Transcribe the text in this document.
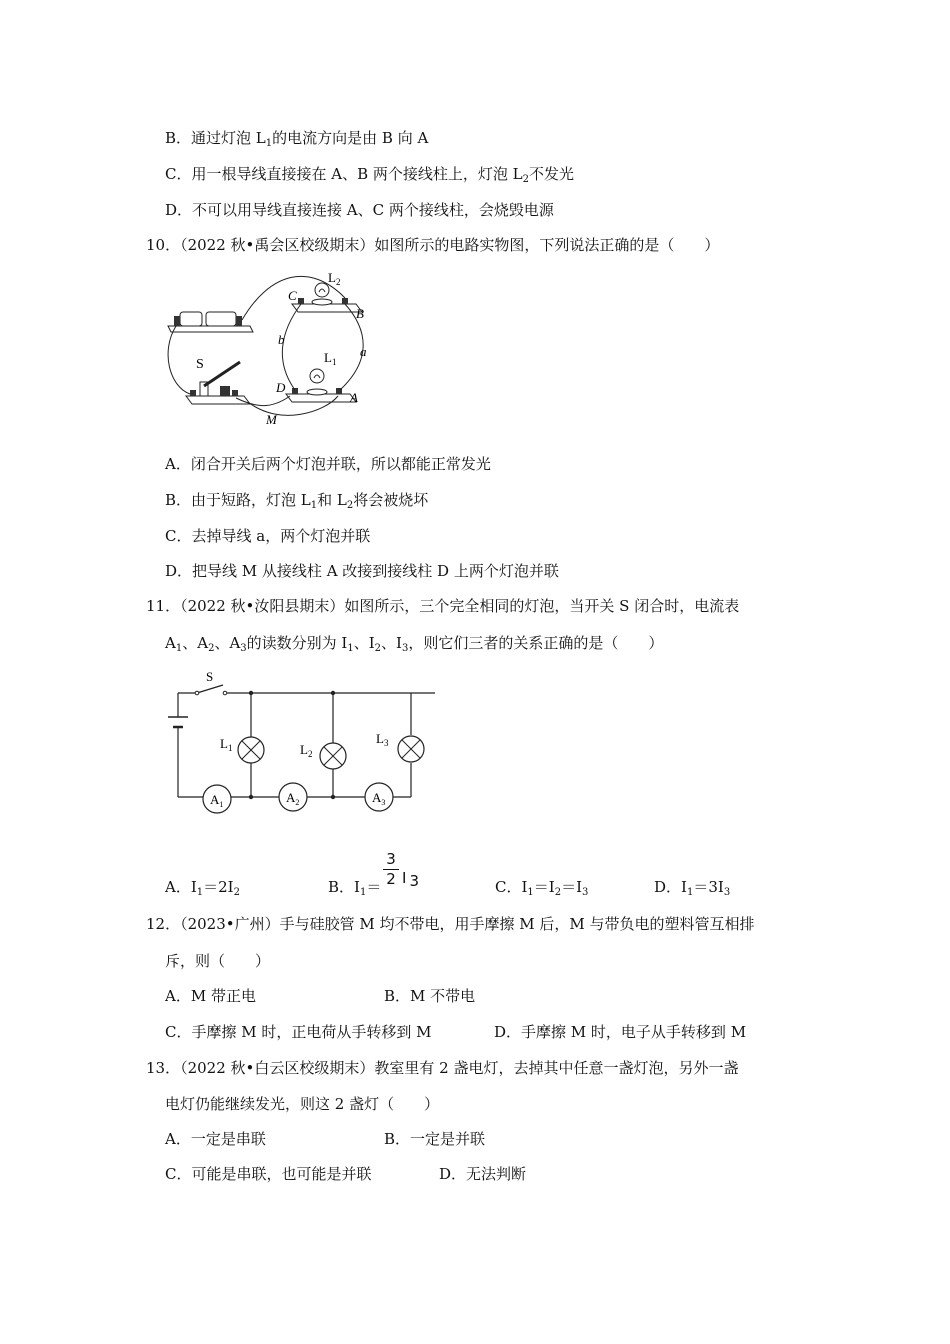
B．通过灯泡 $L_1$的电流方向是由 B 向 A
C．用一根导线直接接在 A、B 两个接线柱上，灯泡 $L_2$不发光
D．不可以用导线直接连接 A、C 两个接线柱，会烧毁电源
10．（2022 秋•禹会区校级期末）如图所示的电路实物图，下列说法正确的是（　　）
S
C
B
D
A
a
b
M
$L_2$
$L_1$
A．闭合开关后两个灯泡并联，所以都能正常发光
B．由于短路，灯泡 $L_1$和 $L_2$将会被烧坏
C．去掉导线 a，两个灯泡并联
D．把导线 M 从接线柱 A 改接到接线柱 D 上两个灯泡并联
11．（2022 秋•汝阳县期末）如图所示，三个完全相同的灯泡，当开关 S 闭合时，电流表
$A_1$、$A_2$、$A_3$的读数分别为 $I_1$、$I_2$、$I_3$，则它们三者的关系正确的是（　　）
$A_1$	$A_2$	$A_3$
S
$L_1$	$L_2$
$L_3$
A．$I_1=2I_2$	B．$I_1=$
3
2 I 3	C．$I_1=I_2=I_3$	D．$I_1=3I_3$
12．（2023•广州）手与硅胶管 M 均不带电，用手摩擦 M 后，M 与带负电的塑料管互相排
斥，则（　　）
A．M 带正电	B．M 不带电
C．手摩擦 M 时，正电荷从手转移到 M	D．手摩擦 M 时，电子从手转移到 M
13．（2022 秋•白云区校级期末）教室里有 2 盏电灯，去掉其中任意一盏灯泡，另外一盏
电灯仍能继续发光，则这 2 盏灯（　　）
A．一定是串联	B．一定是并联
C．可能是串联，也可能是并联	D．无法判断
